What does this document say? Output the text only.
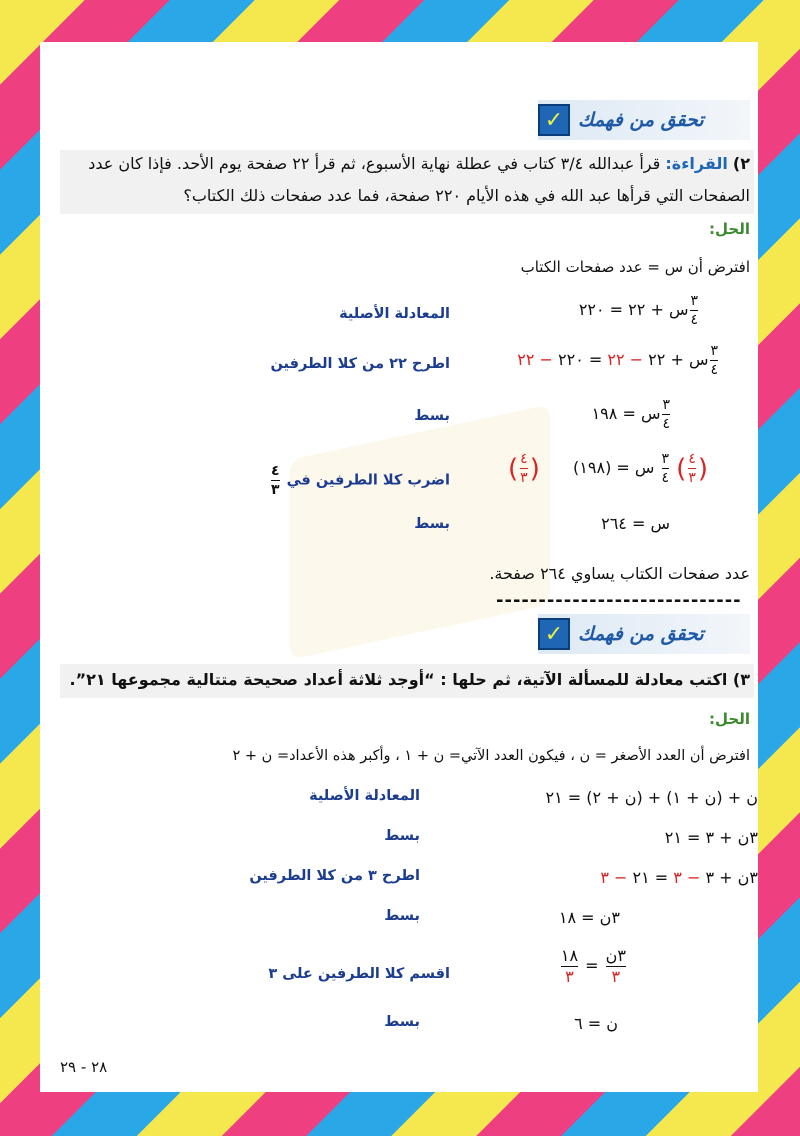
✓ تحقق من فهمك
٢) القراءة: قرأ عبدالله ٣/٤ كتاب في عطلة نهاية الأسبوع، ثم قرأ ٢٢ صفحة يوم الأحد. فإذا كان عدد
الصفحات التي قرأها عبد الله في هذه الأيام ٢٢٠ صفحة، فما عدد صفحات ذلك الكتاب؟
الحل:
افترض أن س = عدد صفحات الكتاب
$\frac{٣}{٤}$
س + ٢٢ = ٢٢٠
المعادلة الأصلية
$\frac{٣}{٤}$
س + ٢٢ − ٢٢ = ٢٢٠ − ٢٢
اطرح ٢٢ من كلا الطرفين
$\frac{٣}{٤}$
س = ١٩٨
بسط
(
$\frac{٤}{٣}$
)
$\frac{٣}{٤}$
س = (١٩٨)
( $\frac{٤}{٣}$ )
اضرب كلا الطرفين في
$\frac{٤}{٣}$
س = ٢٦٤
بسط
عدد صفحات الكتاب يساوي ٢٦٤ صفحة.
-----------------------------
✓ تحقق من فهمك
٣) اكتب معادلة للمسألة الآتية، ثم حلها : “أوجد ثلاثة أعداد صحيحة متتالية مجموعها ٢١”.
الحل:
افترض أن العدد الأصغر = ن ، فيكون العدد الآتي= ن + ١ ، وأكبر هذه الأعداد= ن + ٢
ن + (ن + ١) + (ن + ٢) = ٢١
المعادلة الأصلية
٣ن + ٣ = ٢١
بسط
٣ن + ٣ − ٣ = ٢١ − ٣
اطرح ٣ من كلا الطرفين
٣ن = ١٨
بسط
$\frac{\text{٣ن}}{٣}$
=
$\frac{١٨}{٣}$
اقسم كلا الطرفين على ٣
ن = ٦
بسط
٢٨ - ٢٩
